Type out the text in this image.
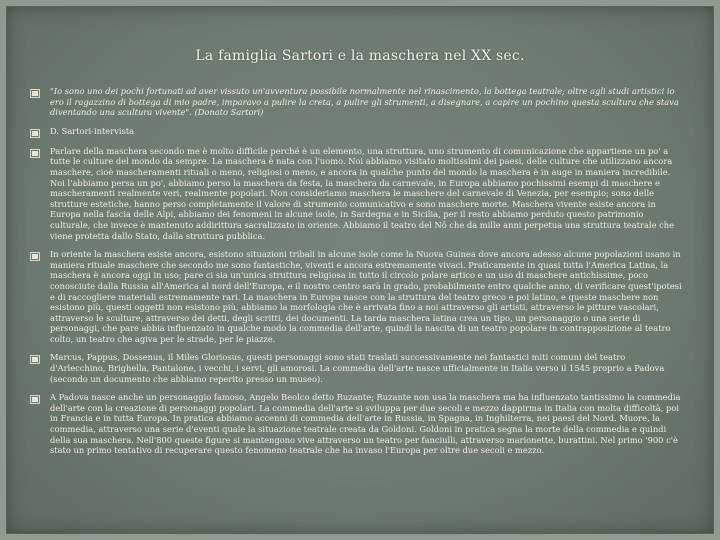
La famiglia Sartori e la maschera nel XX sec.
"Io sono uno dei pochi fortunati ad aver vissuto un'avventura possibile normalmente nel rinascimento, la bottega teatrale; oltre agli studi artistici io ero il ragazzino di bottega di mio padre, imparavo a pulire la creta, a pulire gli strumenti, a disegnare, a capire un pochino questa scultura che stava diventando una scultura vivente". (Donato Sartori)
D. Sartori-intervista
Parlare della maschera secondo me è molto difficile perché è un elemento, una struttura, uno strumento di comunicazione che appartiene un po' a tutte le culture del mondo da sempre. La maschera è nata con l'uomo. Noi abbiamo visitato moltissimi dei paesi, delle culture che utilizzano ancora maschere, cioè mascheramenti rituali o meno, religiosi o meno, e ancora in qualche punto del mondo la maschera è in auge in maniera incredibile. Noi l'abbiamo persa un po', abbiamo perso la maschera da festa, la maschera da carnevale, in Europa abbiamo pochissimi esempi di maschere e mascheramenti realmente veri, realmente popolari. Non consideriamo maschera le maschere del carnevale di Venezia, per esempio; sono delle strutture estetiche, hanno perso completamente il valore di strumento comunicativo e sono maschere morte. Maschera vivente esiste ancora in Europa nella fascia delle Alpi, abbiamo dei fenomeni in alcune isole, in Sardegna e in Sicilia, per il resto abbiamo perduto questo patrimonio culturale, che invece è mantenuto addirittura sacralizzato in oriente. Abbiamo il teatro del Nô che da mille anni perpetua una struttura teatrale che viene protetta dallo Stato, dalla struttura pubblica.
In oriente la maschera esiste ancora, esistono situazioni tribali in alcune isole come la Nuova Guinea dove ancora adesso alcune popolazioni usano in maniera rituale maschere che secondo me sono fantastiche, viventi e ancora estremamente vivaci. Praticamente in quasi tutta l'America Latina, la maschera è ancora oggi in uso; pare ci sia un'unica struttura religiosa in tutto il circolo polare artico e un uso di maschere antichissime, poco conosciute dalla Russia all'America al nord dell'Europa, e il nostro centro sarà in grado, probabilmente entro qualche anno, di verificare quest'ipotesi e di raccogliere materiali estremamente rari. La maschera in Europa nasce con la struttura del teatro greco e poi latino, e queste maschere non esistono più, questi oggetti non esistono più, abbiamo la morfologia che è arrivata fino a noi attraverso gli artisti, attraverso le pitture vascolari, attraverso le sculture, attraverso dei detti, degli scritti, dei documenti. La tarda maschera latina crea un tipo, un personaggio o una serie di personaggi, che pare abbia influenzato in qualche modo la commedia dell'arte, quindi la nascita di un teatro popolare in contrapposizione al teatro colto, un teatro che agiva per le strade, per le piazze.
Marcus, Pappus, Dossenus, il Miles Gloriosus, questi personaggi sono stati traslati successivamente nei fantastici miti comuni del teatro d'Arlecchino, Brighella, Pantalone, i vecchi, i servi, gli amorosi. La commedia dell'arte nasce ufficialmente in Italia verso il 1545 proprio a Padova (secondo un documento che abbiamo reperito presso un museo).
A Padova nasce anche un personaggio famoso, Angelo Beolco detto Ruzante; Ruzante non usa la maschera ma ha influenzato tantissimo la commedia dell'arte con la creazione di personaggi popolari. La commedia dell'arte si sviluppa per due secoli e mezzo dappirma in Italia con molta difficoltà, poi in Francia e in tutta Europa. In pratica abbiamo accenni di commedia dell'arte in Russia, in Spagna, in Inghilterra, nei paesi del Nord. Muore, la commedia, attraverso una serie d'eventi quale la situazione teatrale creata da Goldoni. Goldoni in pratica segna la morte della commedia e quindi della sua maschera. Nell'800 queste figure si mantengono vive attraverso un teatro per fanciulli, attraverso marionette, burattini. Nel primo '900 c'è stato un primo tentativo di recuperare questo fenomeno teatrale che ha invaso l'Europa per oltre due secoli e mezzo.
